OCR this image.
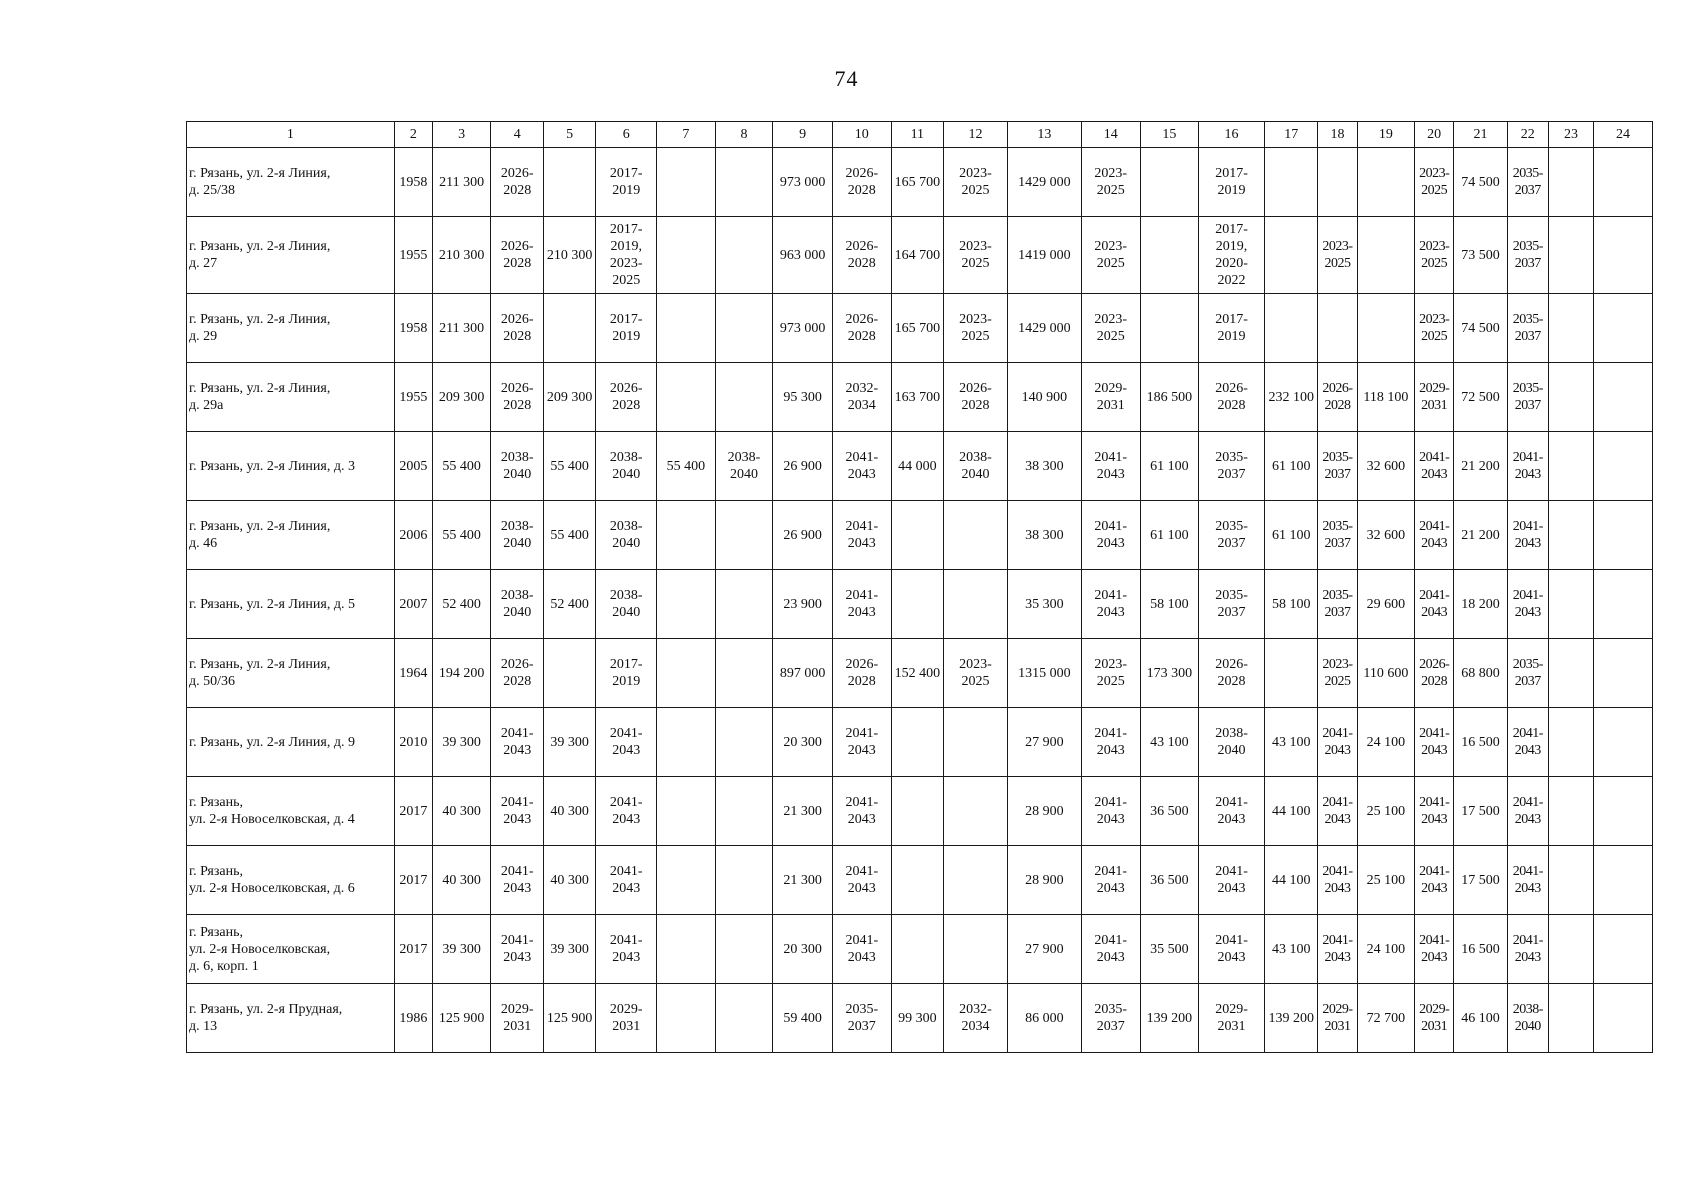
74
1	2	3	4	5	6	7	8	9	10	11	12	13	14	15	16	17	18	19	20	21	22	23	24
г. Рязань, ул. 2-я Линия,
д. 25/38	1958	211 300	2026-
2028		2017-
2019			973 000	2026-
2028	165 700	2023-
2025	1429 000	2023-
2025		2017-
2019				2023-
2025	74 500	2035-
2037		
г. Рязань, ул. 2-я Линия,
д. 27	1955	210 300	2026-
2028	210 300	2017-
2019,
2023-
2025			963 000	2026-
2028	164 700	2023-
2025	1419 000	2023-
2025		2017-
2019,
2020-
2022		2023-
2025		2023-
2025	73 500	2035-
2037		
г. Рязань, ул. 2-я Линия,
д. 29	1958	211 300	2026-
2028		2017-
2019			973 000	2026-
2028	165 700	2023-
2025	1429 000	2023-
2025		2017-
2019				2023-
2025	74 500	2035-
2037		
г. Рязань, ул. 2-я Линия,
д. 29а	1955	209 300	2026-
2028	209 300	2026-
2028			95 300	2032-
2034	163 700	2026-
2028	140 900	2029-
2031	186 500	2026-
2028	232 100	2026-
2028	118 100	2029-
2031	72 500	2035-
2037		
г. Рязань, ул. 2-я Линия, д. 3	2005	55 400	2038-
2040	55 400	2038-
2040	55 400	2038-
2040	26 900	2041-
2043	44 000	2038-
2040	38 300	2041-
2043	61 100	2035-
2037	61 100	2035-
2037	32 600	2041-
2043	21 200	2041-
2043		
г. Рязань, ул. 2-я Линия,
д. 46	2006	55 400	2038-
2040	55 400	2038-
2040			26 900	2041-
2043			38 300	2041-
2043	61 100	2035-
2037	61 100	2035-
2037	32 600	2041-
2043	21 200	2041-
2043		
г. Рязань, ул. 2-я Линия, д. 5	2007	52 400	2038-
2040	52 400	2038-
2040			23 900	2041-
2043			35 300	2041-
2043	58 100	2035-
2037	58 100	2035-
2037	29 600	2041-
2043	18 200	2041-
2043		
г. Рязань, ул. 2-я Линия,
д. 50/36	1964	194 200	2026-
2028		2017-
2019			897 000	2026-
2028	152 400	2023-
2025	1315 000	2023-
2025	173 300	2026-
2028		2023-
2025	110 600	2026-
2028	68 800	2035-
2037		
г. Рязань, ул. 2-я Линия, д. 9	2010	39 300	2041-
2043	39 300	2041-
2043			20 300	2041-
2043			27 900	2041-
2043	43 100	2038-
2040	43 100	2041-
2043	24 100	2041-
2043	16 500	2041-
2043		
г. Рязань,
ул. 2-я Новоселковская, д. 4	2017	40 300	2041-
2043	40 300	2041-
2043			21 300	2041-
2043			28 900	2041-
2043	36 500	2041-
2043	44 100	2041-
2043	25 100	2041-
2043	17 500	2041-
2043		
г. Рязань,
ул. 2-я Новоселковская, д. 6	2017	40 300	2041-
2043	40 300	2041-
2043			21 300	2041-
2043			28 900	2041-
2043	36 500	2041-
2043	44 100	2041-
2043	25 100	2041-
2043	17 500	2041-
2043		
г. Рязань,
ул. 2-я Новоселковская,
д. 6, корп. 1	2017	39 300	2041-
2043	39 300	2041-
2043			20 300	2041-
2043			27 900	2041-
2043	35 500	2041-
2043	43 100	2041-
2043	24 100	2041-
2043	16 500	2041-
2043		
г. Рязань, ул. 2-я Прудная,
д. 13	1986	125 900	2029-
2031	125 900	2029-
2031			59 400	2035-
2037	99 300	2032-
2034	86 000	2035-
2037	139 200	2029-
2031	139 200	2029-
2031	72 700	2029-
2031	46 100	2038-
2040		
